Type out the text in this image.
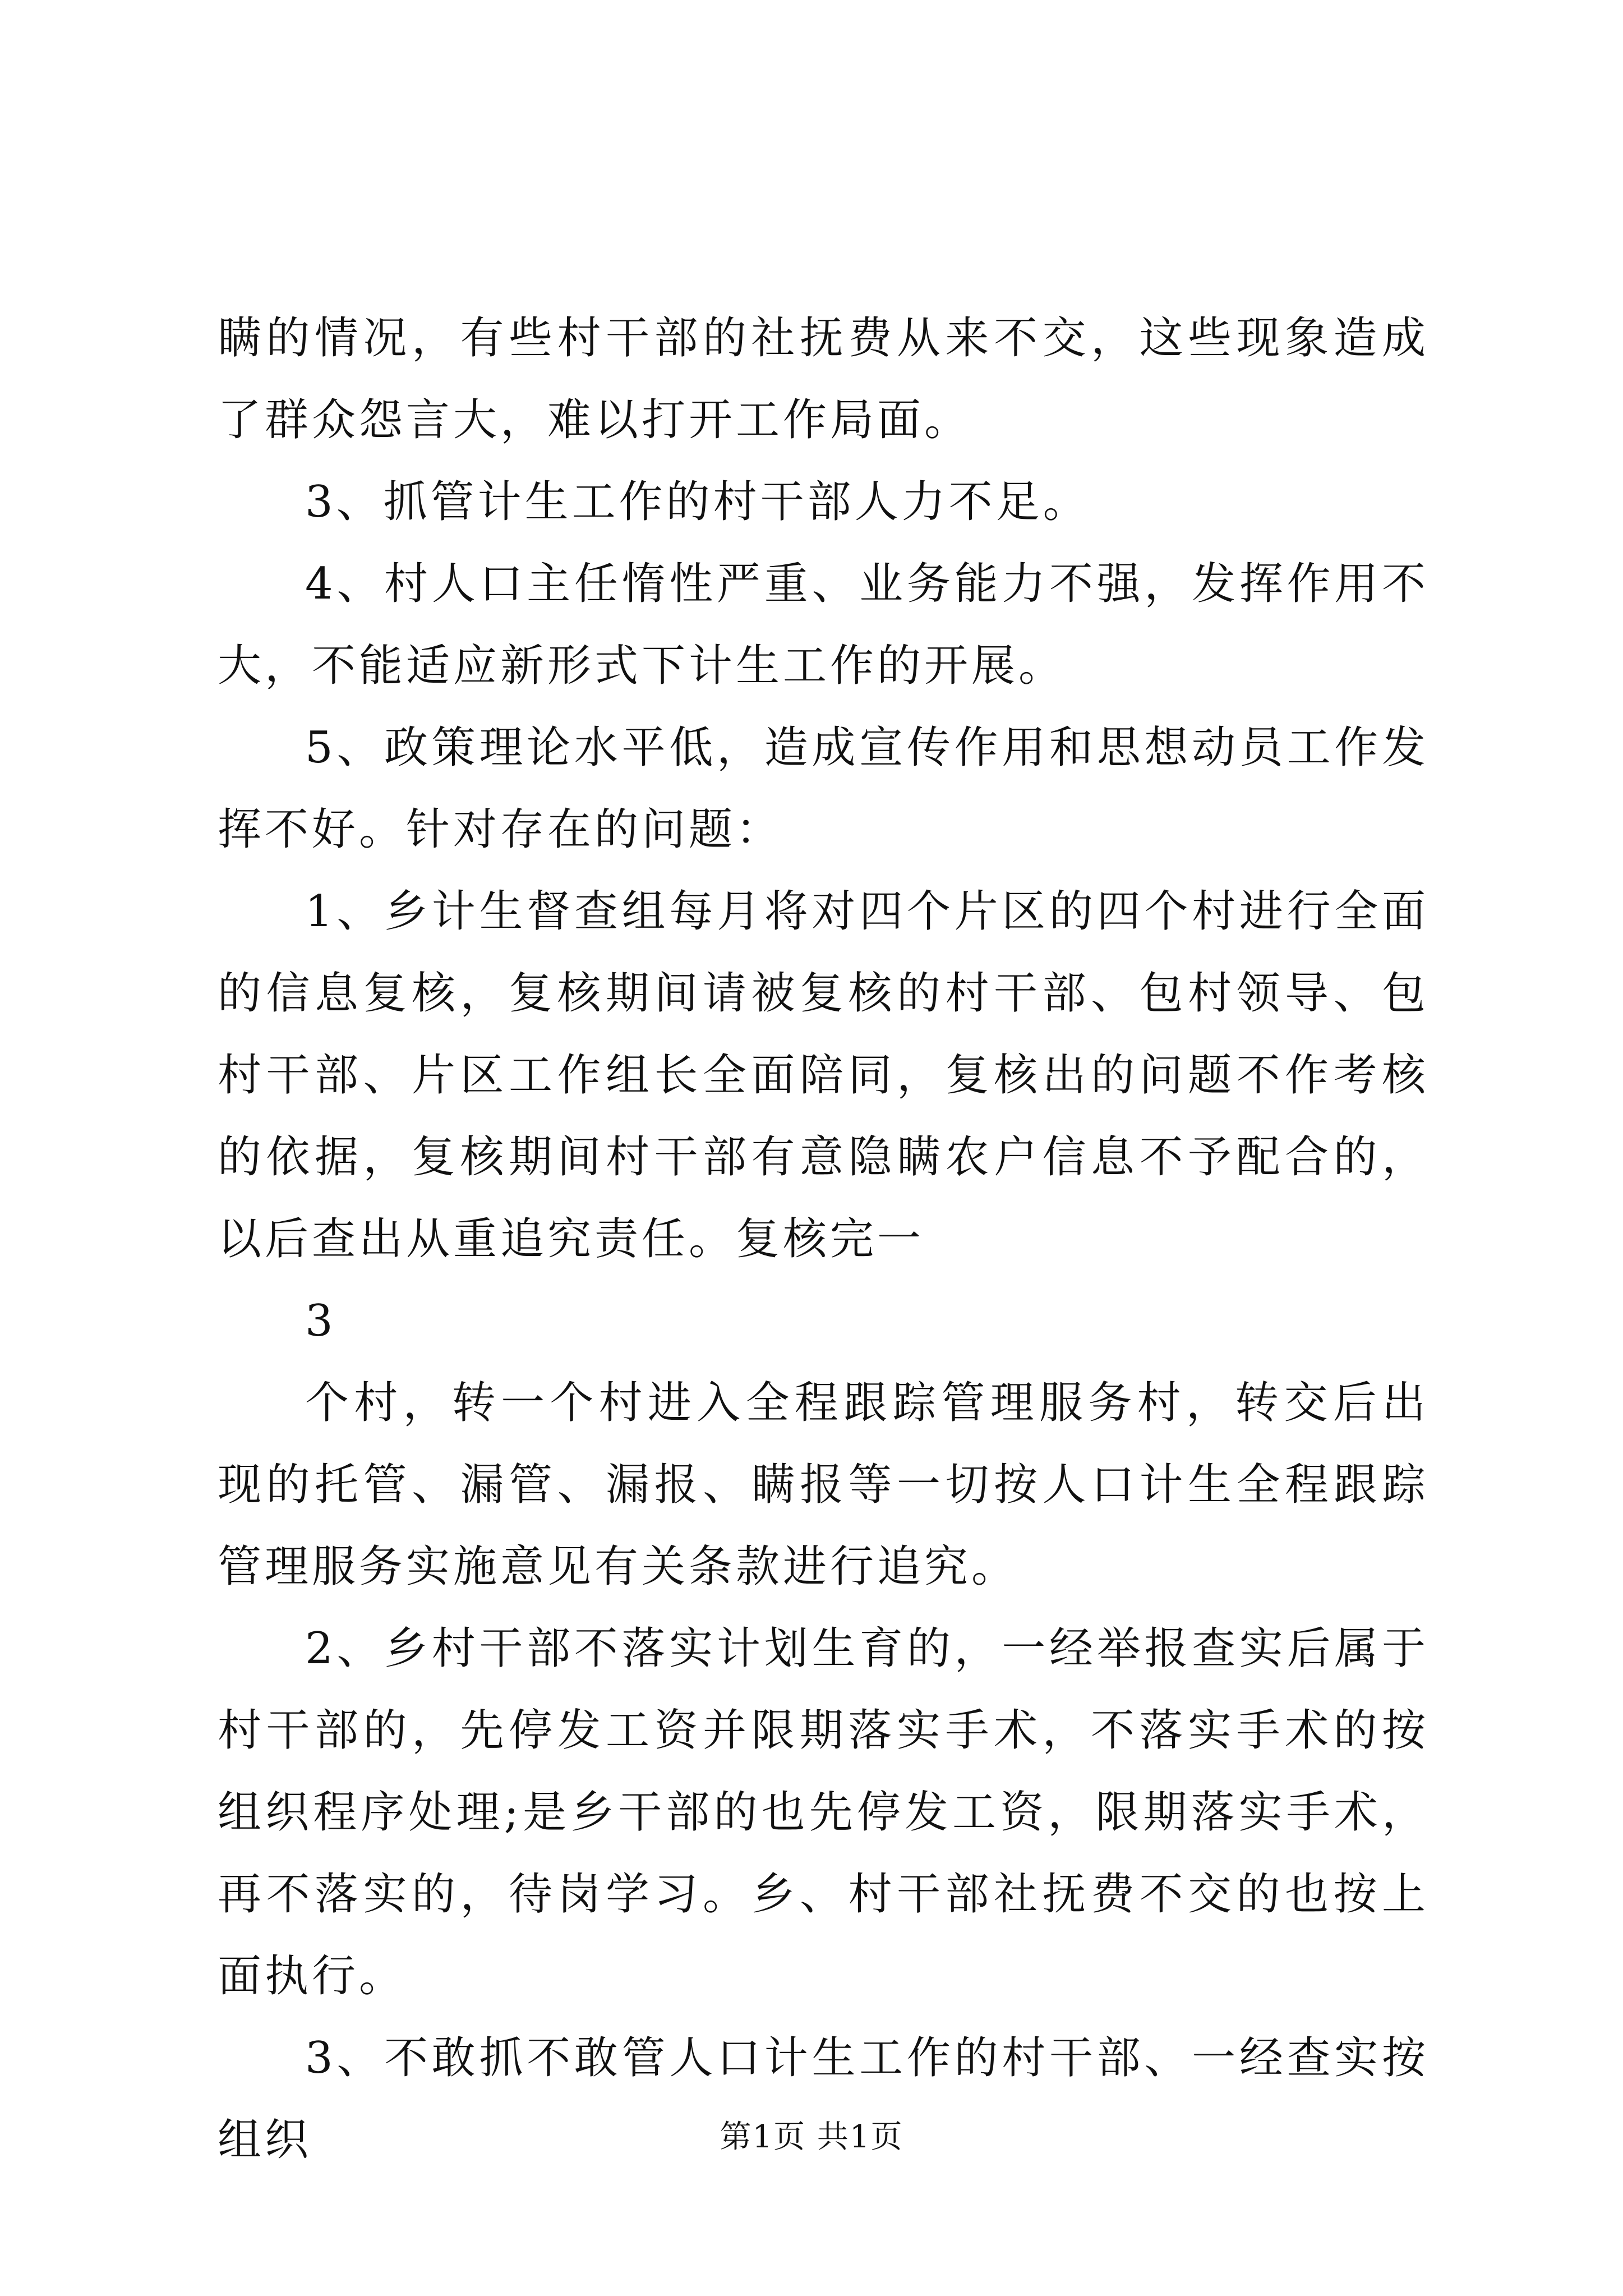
瞒的情况，有些村干部的社抚费从来不交，这些现象造成了群众怨言大，难以打开工作局面。

3、抓管计生工作的村干部人力不足。

4、村人口主任惰性严重、业务能力不强，发挥作用不大，不能适应新形式下计生工作的开展。

5、政策理论水平低，造成宣传作用和思想动员工作发挥不好。针对存在的问题：

1、乡计生督查组每月将对四个片区的四个村进行全面的信息复核，复核期间请被复核的村干部、包村领导、包村干部、片区工作组长全面陪同，复核出的问题不作考核的依据，复核期间村干部有意隐瞒农户信息不予配合的，以后查出从重追究责任。复核完一

3

个村，转一个村进入全程跟踪管理服务村，转交后出现的托管、漏管、漏报、瞒报等一切按人口计生全程跟踪管理服务实施意见有关条款进行追究。

2、乡村干部不落实计划生育的，一经举报查实后属于村干部的，先停发工资并限期落实手术，不落实手术的按组织程序处理;是乡干部的也先停发工资，限期落实手术，再不落实的，待岗学习。乡、村干部社抚费不交的也按上面执行。

3、不敢抓不敢管人口计生工作的村干部、一经查实按组织	第1页 共1页
